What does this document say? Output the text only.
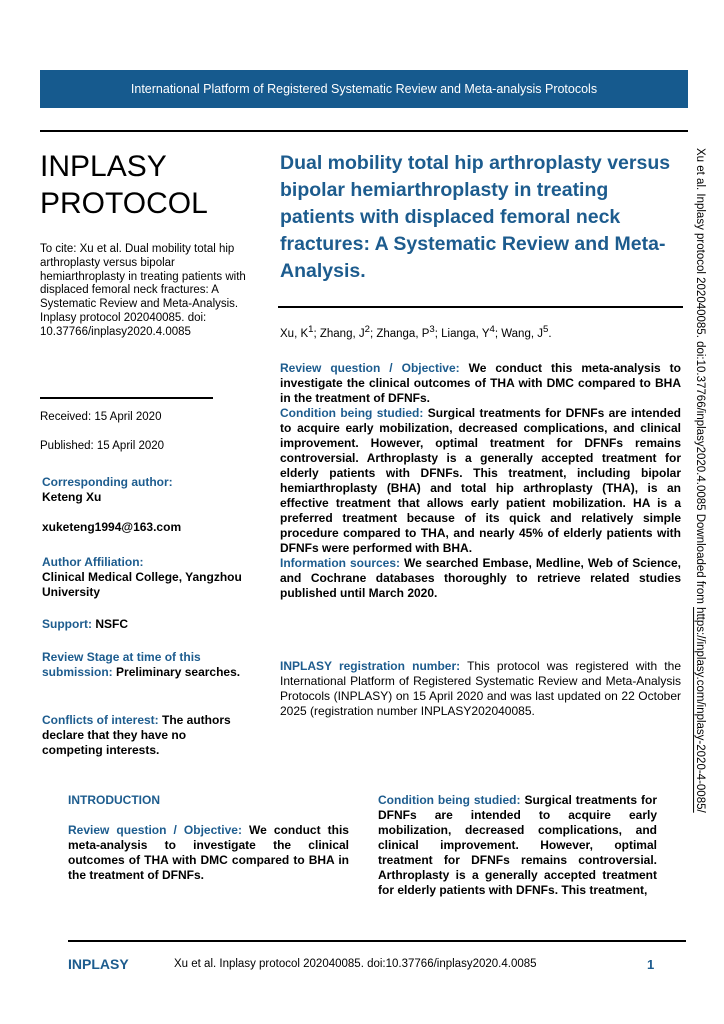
International Platform of Registered Systematic Review and Meta-analysis Protocols
INPLASY
PROTOCOL
To cite: Xu et al. Dual mobility total hip arthroplasty versus bipolar hemiarthroplasty in treating patients with displaced femoral neck fractures: A Systematic Review and Meta-Analysis. Inplasy protocol 202040085. doi: 10.37766/inplasy2020.4.0085
Received: 15 April 2020
Published: 15 April 2020
Corresponding author:
Keteng Xu
xuketeng1994@163.com
Author Affiliation:
Clinical Medical College, Yangzhou University
Support: NSFC
Review Stage at time of this submission: Preliminary searches.
Conflicts of interest: The authors declare that they have no competing interests.
Dual mobility total hip arthroplasty versus bipolar hemiarthroplasty in treating patients with displaced femoral neck fractures: A Systematic Review and Meta-Analysis.
Xu, $K^1$; Zhang, $J^2$; Zhanga, $P^3$; Lianga, $Y^4$; Wang, $J^5$.

Review question / Objective: We conduct this meta-analysis to investigate the clinical outcomes of THA with DMC compared to BHA in the treatment of DFNFs.

Condition being studied: Surgical treatments for DFNFs are intended to acquire early mobilization, decreased complications, and clinical improvement. However, optimal treatment for DFNFs remains controversial. Arthroplasty is a generally accepted treatment for elderly patients with DFNFs. This treatment, including bipolar hemiarthroplasty (BHA) and total hip arthroplasty (THA), is an effective treatment that allows early patient mobilization. HA is a preferred treatment because of its quick and relatively simple procedure compared to THA, and nearly 45% of elderly patients with DFNFs were performed with BHA.

Information sources: We searched Embase, Medline, Web of Science, and Cochrane databases thoroughly to retrieve related studies published until March 2020.

INPLASY registration number: This protocol was registered with the International Platform of Registered Systematic Review and Meta-Analysis Protocols (INPLASY) on 15 April 2020 and was last updated on 22 October 2025 (registration number INPLASY202040085.

INTRODUCTION

Review question / Objective: We conduct this meta-analysis to investigate the clinical outcomes of THA with DMC compared to BHA in the treatment of DFNFs.

Condition being studied: Surgical treatments for DFNFs are intended to acquire early mobilization, decreased complications, and clinical improvement. However, optimal treatment for DFNFs remains controversial. Arthroplasty is a generally accepted treatment for elderly patients with DFNFs. This treatment,

Xu et al. Inplasy protocol 202040085. doi:10.37766/inplasy2020.4.0085 Downloaded from https://inplasy.com/inplasy-2020-4-0085/
INPLASY	Xu et al. Inplasy protocol 202040085. doi:10.37766/inplasy2020.4.0085	1
